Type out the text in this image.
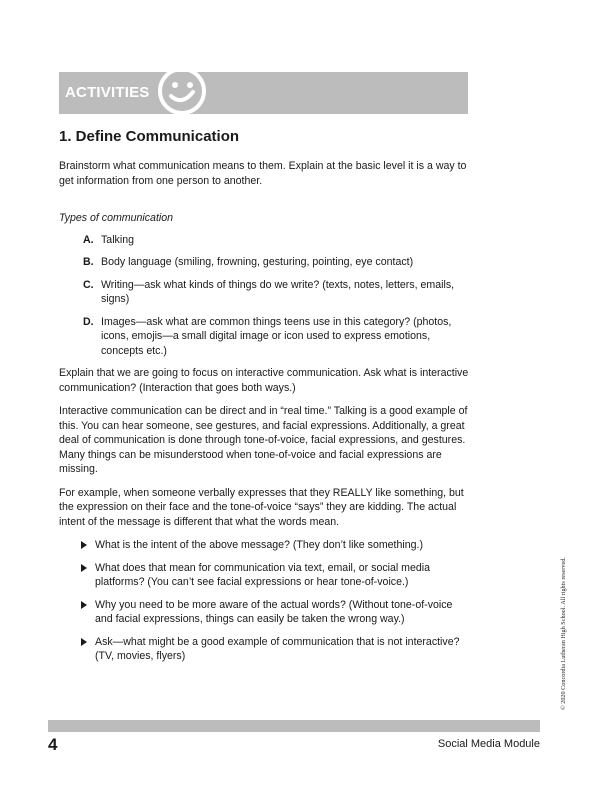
ACTIVITIES
1. Define Communication

Brainstorm what communication means to them. Explain at the basic level it is a way to get information from one person to another.

Types of communication
A. Talking
B. Body language (smiling, frowning, gesturing, pointing, eye contact)
C. Writing—ask what kinds of things do we write? (texts, notes, letters, emails, signs)
D. Images—ask what are common things teens use in this category? (photos, icons, emojis—a small digital image or icon used to express emotions, concepts etc.)

Explain that we are going to focus on interactive communication. Ask what is interactive communication? (Interaction that goes both ways.)

Interactive communication can be direct and in “real time.” Talking is a good example of this. You can hear someone, see gestures, and facial expressions. Additionally, a great deal of communication is done through tone-of-voice, facial expressions, and gestures. Many things can be misunderstood when tone-of-voice and facial expressions are missing.

For example, when someone verbally expresses that they REALLY like something, but the expression on their face and the tone-of-voice “says” they are kidding. The actual intent of the message is different that what the words mean.

What is the intent of the above message? (They don’t like something.)
What does that mean for communication via text, email, or social media platforms? (You can’t see facial expressions or hear tone-of-voice.)
Why you need to be more aware of the actual words? (Without tone-of-voice and facial expressions, things can easily be taken the wrong way.)
Ask—what might be a good example of communication that is not interactive? (TV, movies, flyers)	© 2020 Concordia Lutheran High School. All rights reserved.
4	Social Media Module
